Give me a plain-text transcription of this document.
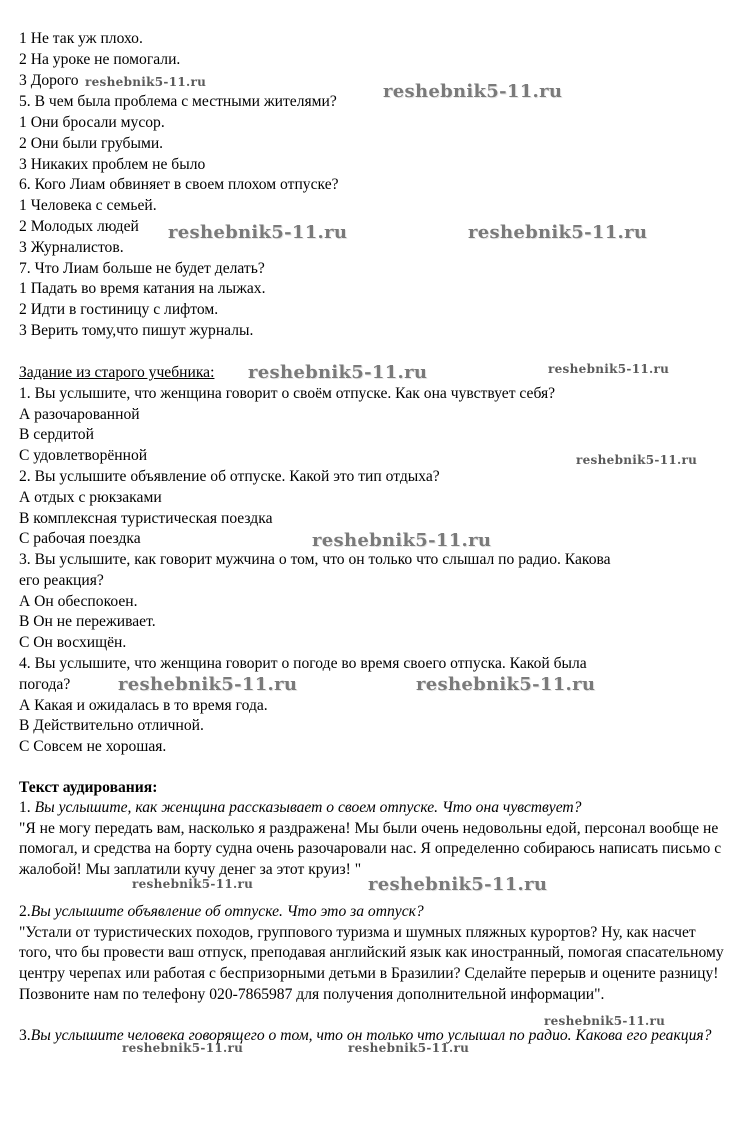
1 Не так уж плохо.
2 На уроке не помогали.
3 Дорого
5. В чем была проблема с местными жителями?
1 Они бросали мусор.
2 Они были грубыми.
3 Никаких проблем не было
6. Кого Лиам обвиняет в своем плохом отпуске?
1 Человека с семьей.
2 Молодых людей
3 Журналистов.
7. Что Лиам больше не будет делать?
1 Падать во время катания на лыжах.
2 Идти в гостиницу с лифтом.
3 Верить тому,что пишут журналы.
Задание из старого учебника:
1. Вы услышите, что женщина говорит о своём отпуске. Как она чувствует себя?
А разочарованной
В сердитой
С удовлетворённой
2. Вы услышите объявление об отпуске. Какой это тип отдыха?
А отдых с рюкзаками
В комплексная туристическая поездка
С рабочая поездка
3. Вы услышите, как говорит мужчина о том, что он только что слышал по радио. Какова
его реакция?
А Он обеспокоен.
В Он не переживает.
С Он восхищён.
4. Вы услышите, что женщина говорит о погоде во время своего отпуска. Какой была
погода?
А Какая и ожидалась в то время года.
В Действительно отличной.
С Совсем не хорошая.
Текст аудирования:
1. Вы услышите, как женщина рассказывает о своем отпуске. Что она чувствует?
"Я не могу передать вам, насколько я раздражена! Мы были очень недовольны едой, персонал вообще не помогал, и средства на борту судна очень разочаровали нас. Я определенно собираюсь написать письмо с жалобой! Мы заплатили кучу денег за этот круиз! "
2.Вы услышите объявление об отпуске. Что это за отпуск?
"Устали от туристических походов, группового туризма и шумных пляжных курортов? Ну, как насчет того, что бы провести ваш отпуск, преподавая английский язык как иностранный, помогая спасательному центру черепах или работая с беспризорными детьми в Бразилии? Сделайте перерыв и оцените разницу! Позвоните нам по телефону 020-7865987 для получения дополнительной информации".
3.Вы услышите человека говорящего о том, что он только что услышал по радио. Какова его реакция?
reshebnik5-11.ru	reshebnik5-11.ru
reshebnik5-11.ru	reshebnik5-11.ru
reshebnik5-11.ru	reshebnik5-11.ru
reshebnik5-11.ru
reshebnik5-11.ru
reshebnik5-11.ru	reshebnik5-11.ru
reshebnik5-11.ru	reshebnik5-11.ru
reshebnik5-11.ru
reshebnik5-11.ru	reshebnik5-11.ru
